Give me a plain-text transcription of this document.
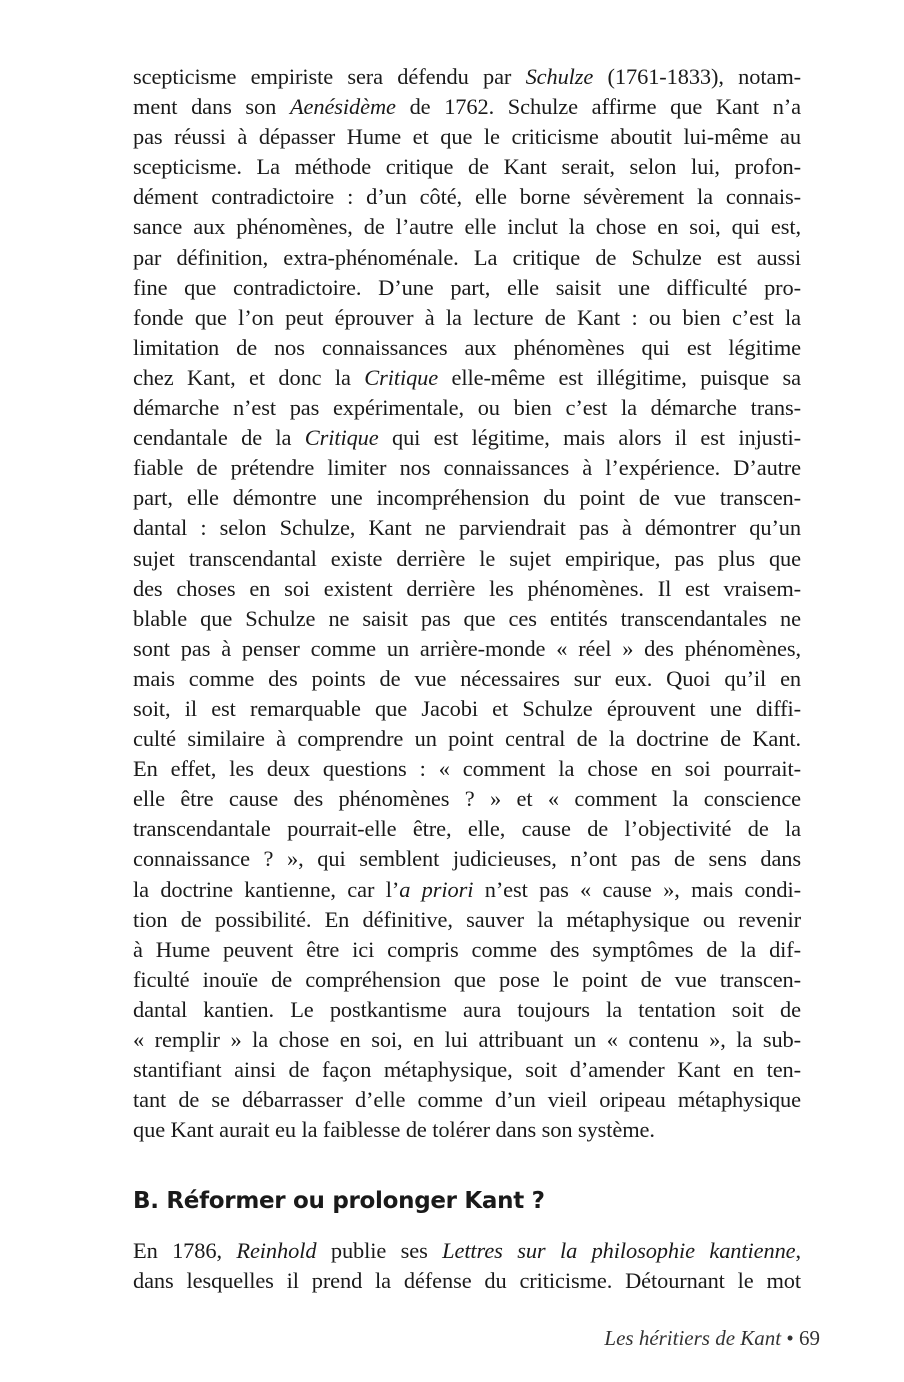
scepticisme empiriste sera défendu par Schulze (1761-1833), notam-
ment dans son Aenésidème de 1762. Schulze affirme que Kant n’a
pas réussi à dépasser Hume et que le criticisme aboutit lui-même au
scepticisme. La méthode critique de Kant serait, selon lui, profon-
dément contradictoire : d’un côté, elle borne sévèrement la connais-
sance aux phénomènes, de l’autre elle inclut la chose en soi, qui est,
par définition, extra-phénoménale. La critique de Schulze est aussi
fine que contradictoire. D’une part, elle saisit une difficulté pro-
fonde que l’on peut éprouver à la lecture de Kant : ou bien c’est la
limitation de nos connaissances aux phénomènes qui est légitime
chez Kant, et donc la Critique elle-même est illégitime, puisque sa
démarche n’est pas expérimentale, ou bien c’est la démarche trans-
cendantale de la Critique qui est légitime, mais alors il est injusti-
fiable de prétendre limiter nos connaissances à l’expérience. D’autre
part, elle démontre une incompréhension du point de vue transcen-
dantal : selon Schulze, Kant ne parviendrait pas à démontrer qu’un
sujet transcendantal existe derrière le sujet empirique, pas plus que
des choses en soi existent derrière les phénomènes. Il est vraisem-
blable que Schulze ne saisit pas que ces entités transcendantales ne
sont pas à penser comme un arrière-monde « réel » des phénomènes,
mais comme des points de vue nécessaires sur eux. Quoi qu’il en
soit, il est remarquable que Jacobi et Schulze éprouvent une diffi-
culté similaire à comprendre un point central de la doctrine de Kant.
En effet, les deux questions : « comment la chose en soi pourrait-
elle être cause des phénomènes ? » et « comment la conscience
transcendantale pourrait-elle être, elle, cause de l’objectivité de la
connaissance ? », qui semblent judicieuses, n’ont pas de sens dans
la doctrine kantienne, car l’a priori n’est pas « cause », mais condi-
tion de possibilité. En définitive, sauver la métaphysique ou revenir
à Hume peuvent être ici compris comme des symptômes de la dif-
ficulté inouïe de compréhension que pose le point de vue transcen-
dantal kantien. Le postkantisme aura toujours la tentation soit de
« remplir » la chose en soi, en lui attribuant un « contenu », la sub-
stantifiant ainsi de façon métaphysique, soit d’amender Kant en ten-
tant de se débarrasser d’elle comme d’un vieil oripeau métaphysique
que Kant aurait eu la faiblesse de tolérer dans son système.
B. Réformer ou prolonger Kant ?
En 1786, Reinhold publie ses Lettres sur la philosophie kantienne,
dans lesquelles il prend la défense du criticisme. Détournant le mot
Les héritiers de Kant • 69
